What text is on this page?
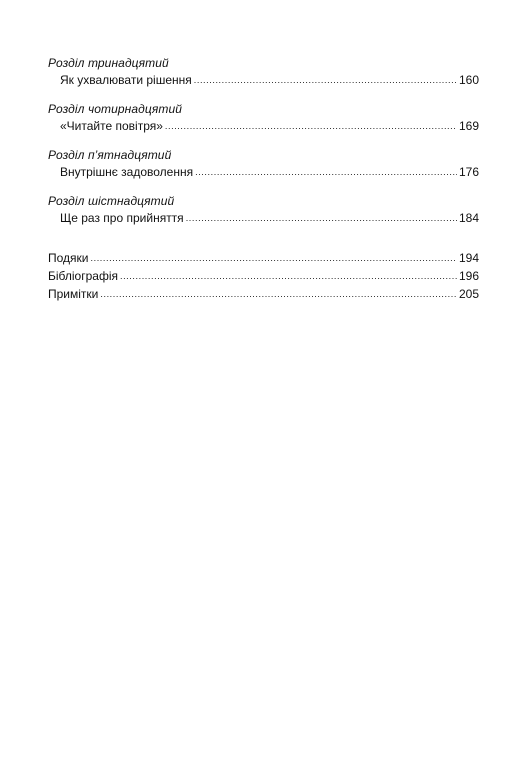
Розділ тринадцятий
Як ухвалювати рішення .....	160
Розділ чотирнадцятий
«Читайте повітря» .....	169
Розділ п’ятнадцятий
Внутрішнє задоволення .....	176
Розділ шістнадцятий
Ще раз про прийняття .....	184
Подяки .....	194
Бібліографія .....	196
Примітки .....	205
